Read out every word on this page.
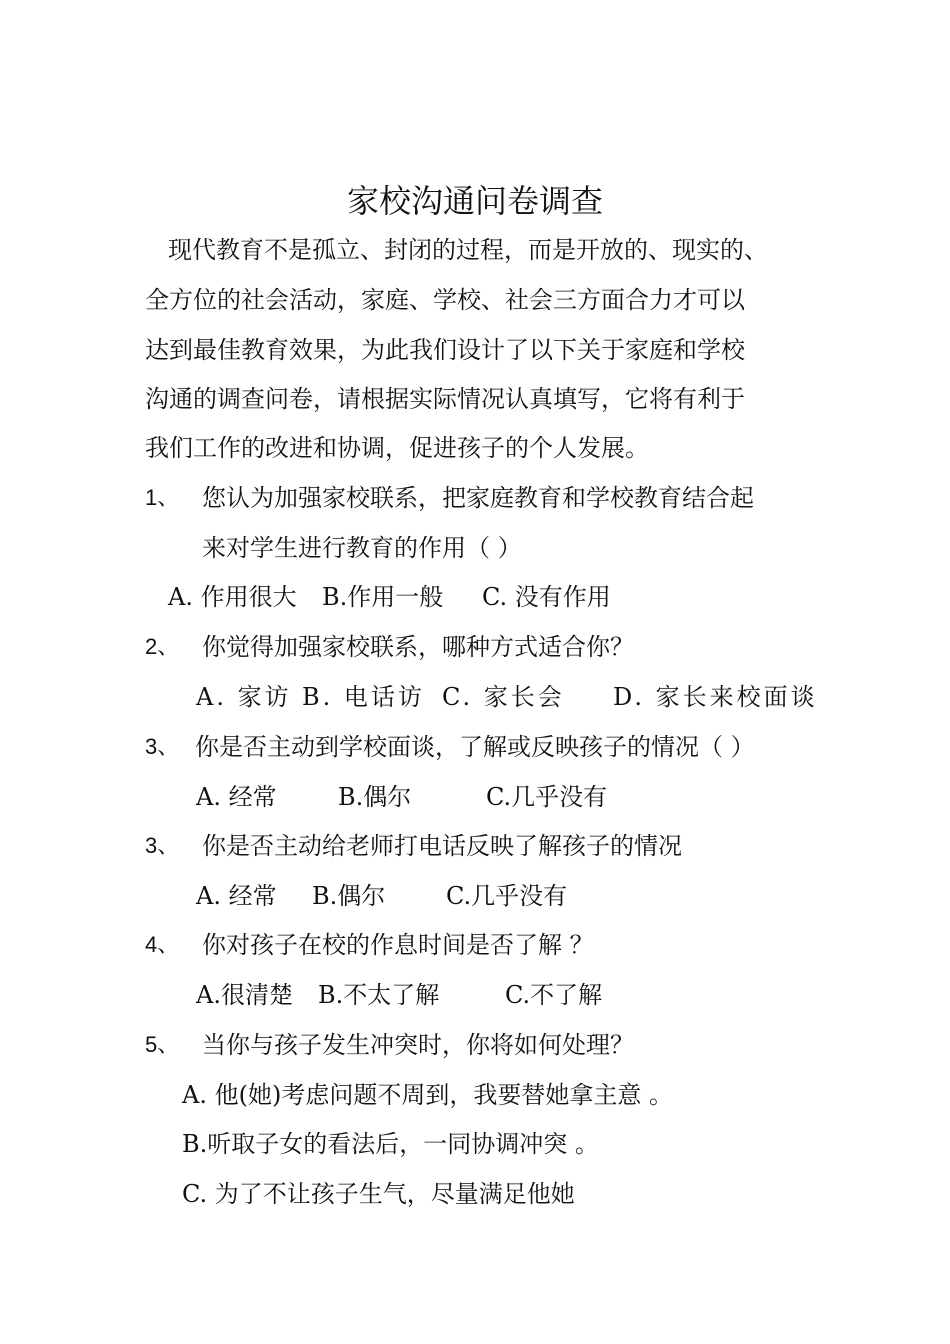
家校沟通问卷调查
现代教育不是孤立、封闭的过程，而是开放的、现实的、
全方位的社会活动，家庭、学校、社会三方面合力才可以
达到最佳教育效果，为此我们设计了以下关于家庭和学校
沟通的调查问卷，请根据实际情况认真填写，它将有利于
我们工作的改进和协调，促进孩子的个人发展。
1、 您认为加强家校联系，把家庭教育和学校教育结合起
来对学生进行教育的作用（ ）
A. 作用很大 B.作用一般 C. 没有作用
2、 你觉得加强家校联系，哪种方式适合你？
A. 家访 B. 电话访 C. 家长会 D. 家长来校面谈
3、 你是否主动到学校面谈，了解或反映孩子的情况（ ）
A. 经常	B.偶尔	C.几乎没有
3、 你是否主动给老师打电话反映了解孩子的情况
A. 经常 B.偶尔	C.几乎没有
4、 你对孩子在校的作息时间是否了解 ？
A.很清楚 B.不太了解	C.不了解
5、 当你与孩子发生冲突时，你将如何处理？
A. 他(她)考虑问题不周到，我要替她拿主意 。
B.听取子女的看法后，一同协调冲突 。
C. 为了不让孩子生气，尽量满足他她
